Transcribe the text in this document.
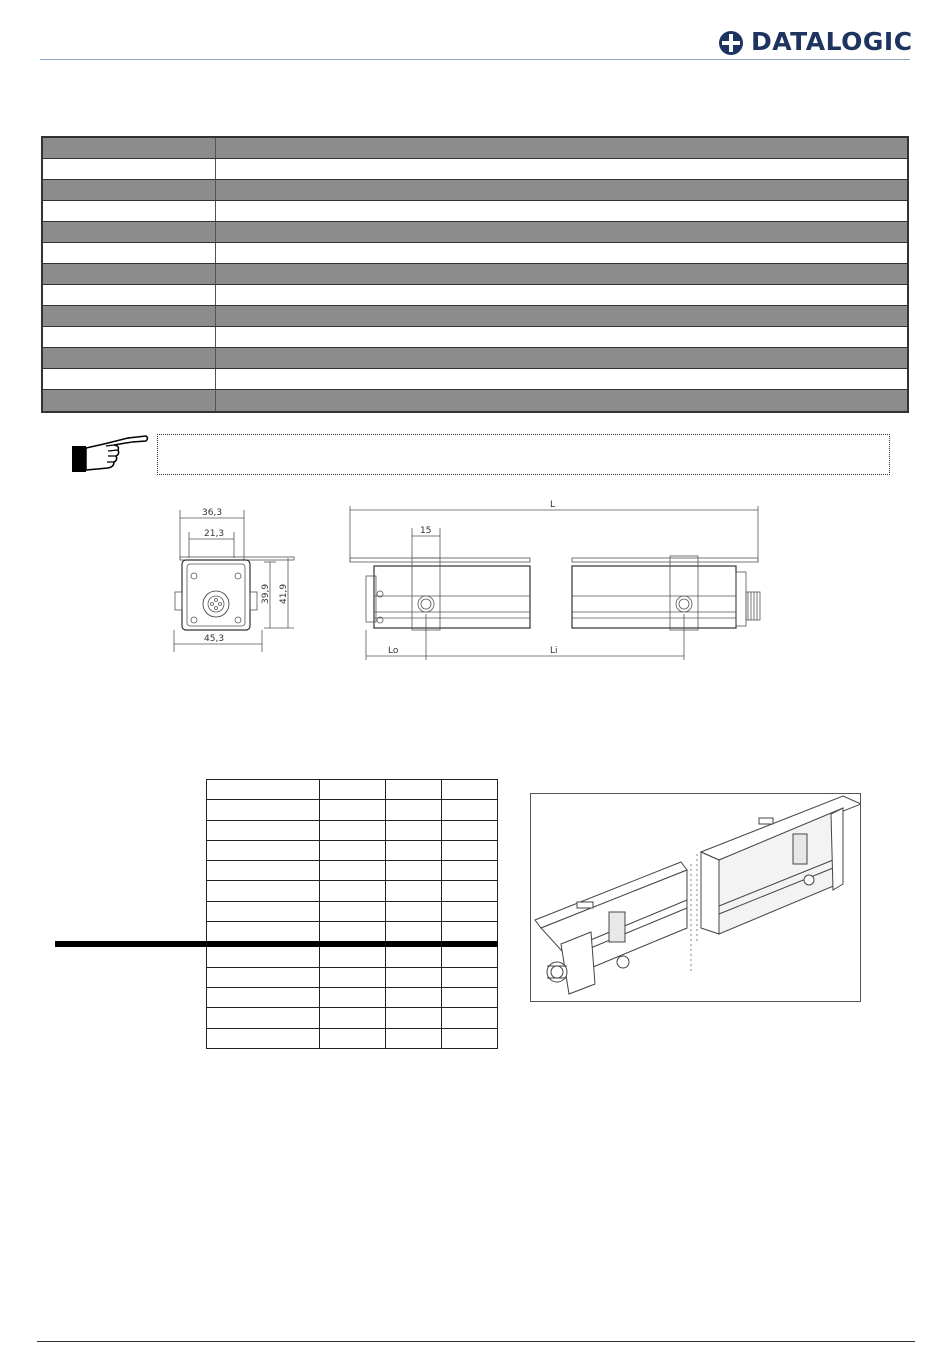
DATALOGIC
36,3
21,3
45,3
39,9 41,9
L
15
Lo	Li
